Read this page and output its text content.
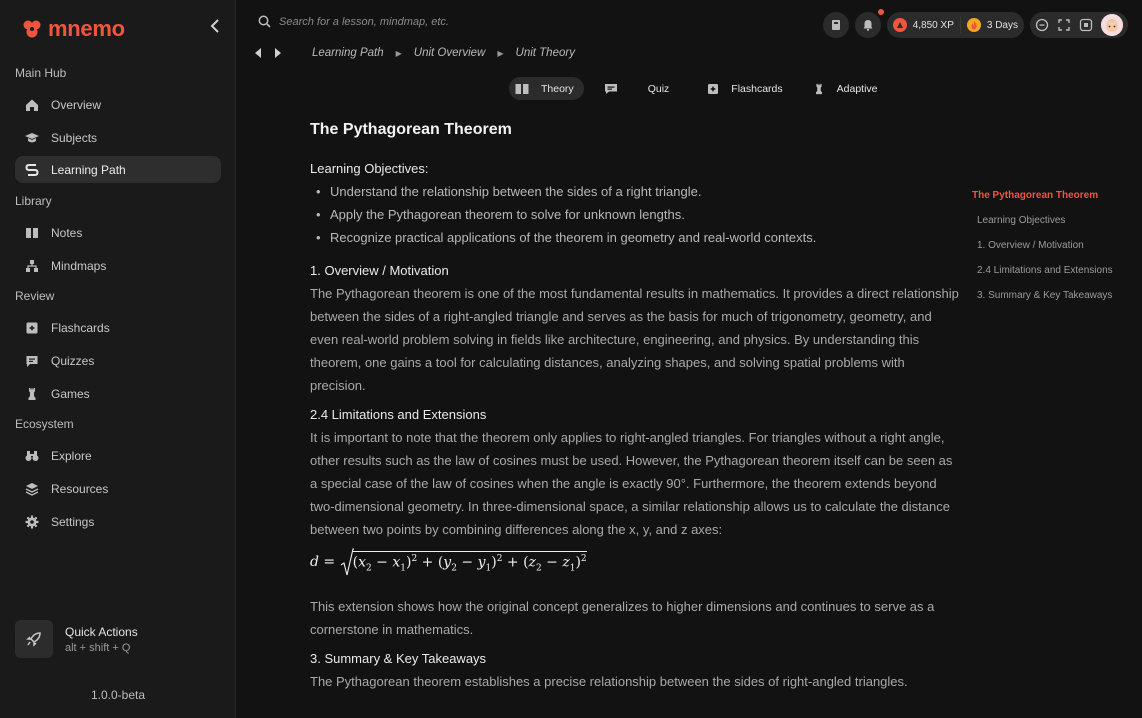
mnemo
Main Hub
Overview
Subjects
Learning Path
Library
Notes
Mindmaps
Review
Flashcards
Quizzes
Games
Ecosystem
Explore
Resources
Settings
Quick Actions
alt + shift + Q
1.0.0-beta
Search for a lesson, mindmap, etc.	4,850 XP	3 Days
Learning Path ▶ Unit Overview ▶ Unit Theory
Theory	Quiz	Flashcards	Adaptive
The Pythagorean Theorem
Learning Objectives:
• Understand the relationship between the sides of a right triangle.
• Apply the Pythagorean theorem to solve for unknown lengths.
• Recognize practical applications of the theorem in geometry and real-world contexts.
1. Overview / Motivation

The Pythagorean theorem is one of the most fundamental results in mathematics. It provides a direct relationship between the sides of a right-angled triangle and serves as the basis for much of trigonometry, geometry, and even real-world problem solving in fields like architecture, engineering, and physics. By understanding this theorem, one gains a tool for calculating distances, analyzing shapes, and solving spatial problems with precision.

2.4 Limitations and Extensions

It is important to note that the theorem only applies to right-angled triangles. For triangles without a right angle, other results such as the law of cosines must be used. However, the Pythagorean theorem itself can be seen as a special case of the law of cosines when the angle is exactly 90°. Furthermore, the theorem extends beyond two-dimensional geometry. In three-dimensional space, a similar relationship allows us to calculate the distance between two points by combining differences along the x, y, and z axes:

$d = (x_2 - x_1)^2 + (y_2 - y_1)^2 + (z_2 - z_1)^2$

This extension shows how the original concept generalizes to higher dimensions and continues to serve as a cornerstone in mathematics.

3. Summary & Key Takeaways

The Pythagorean theorem establishes a precise relationship between the sides of right-angled triangles.

The Pythagorean Theorem
Learning Objectives
1. Overview / Motivation
2.4 Limitations and Extensions
3. Summary & Key Takeaways
